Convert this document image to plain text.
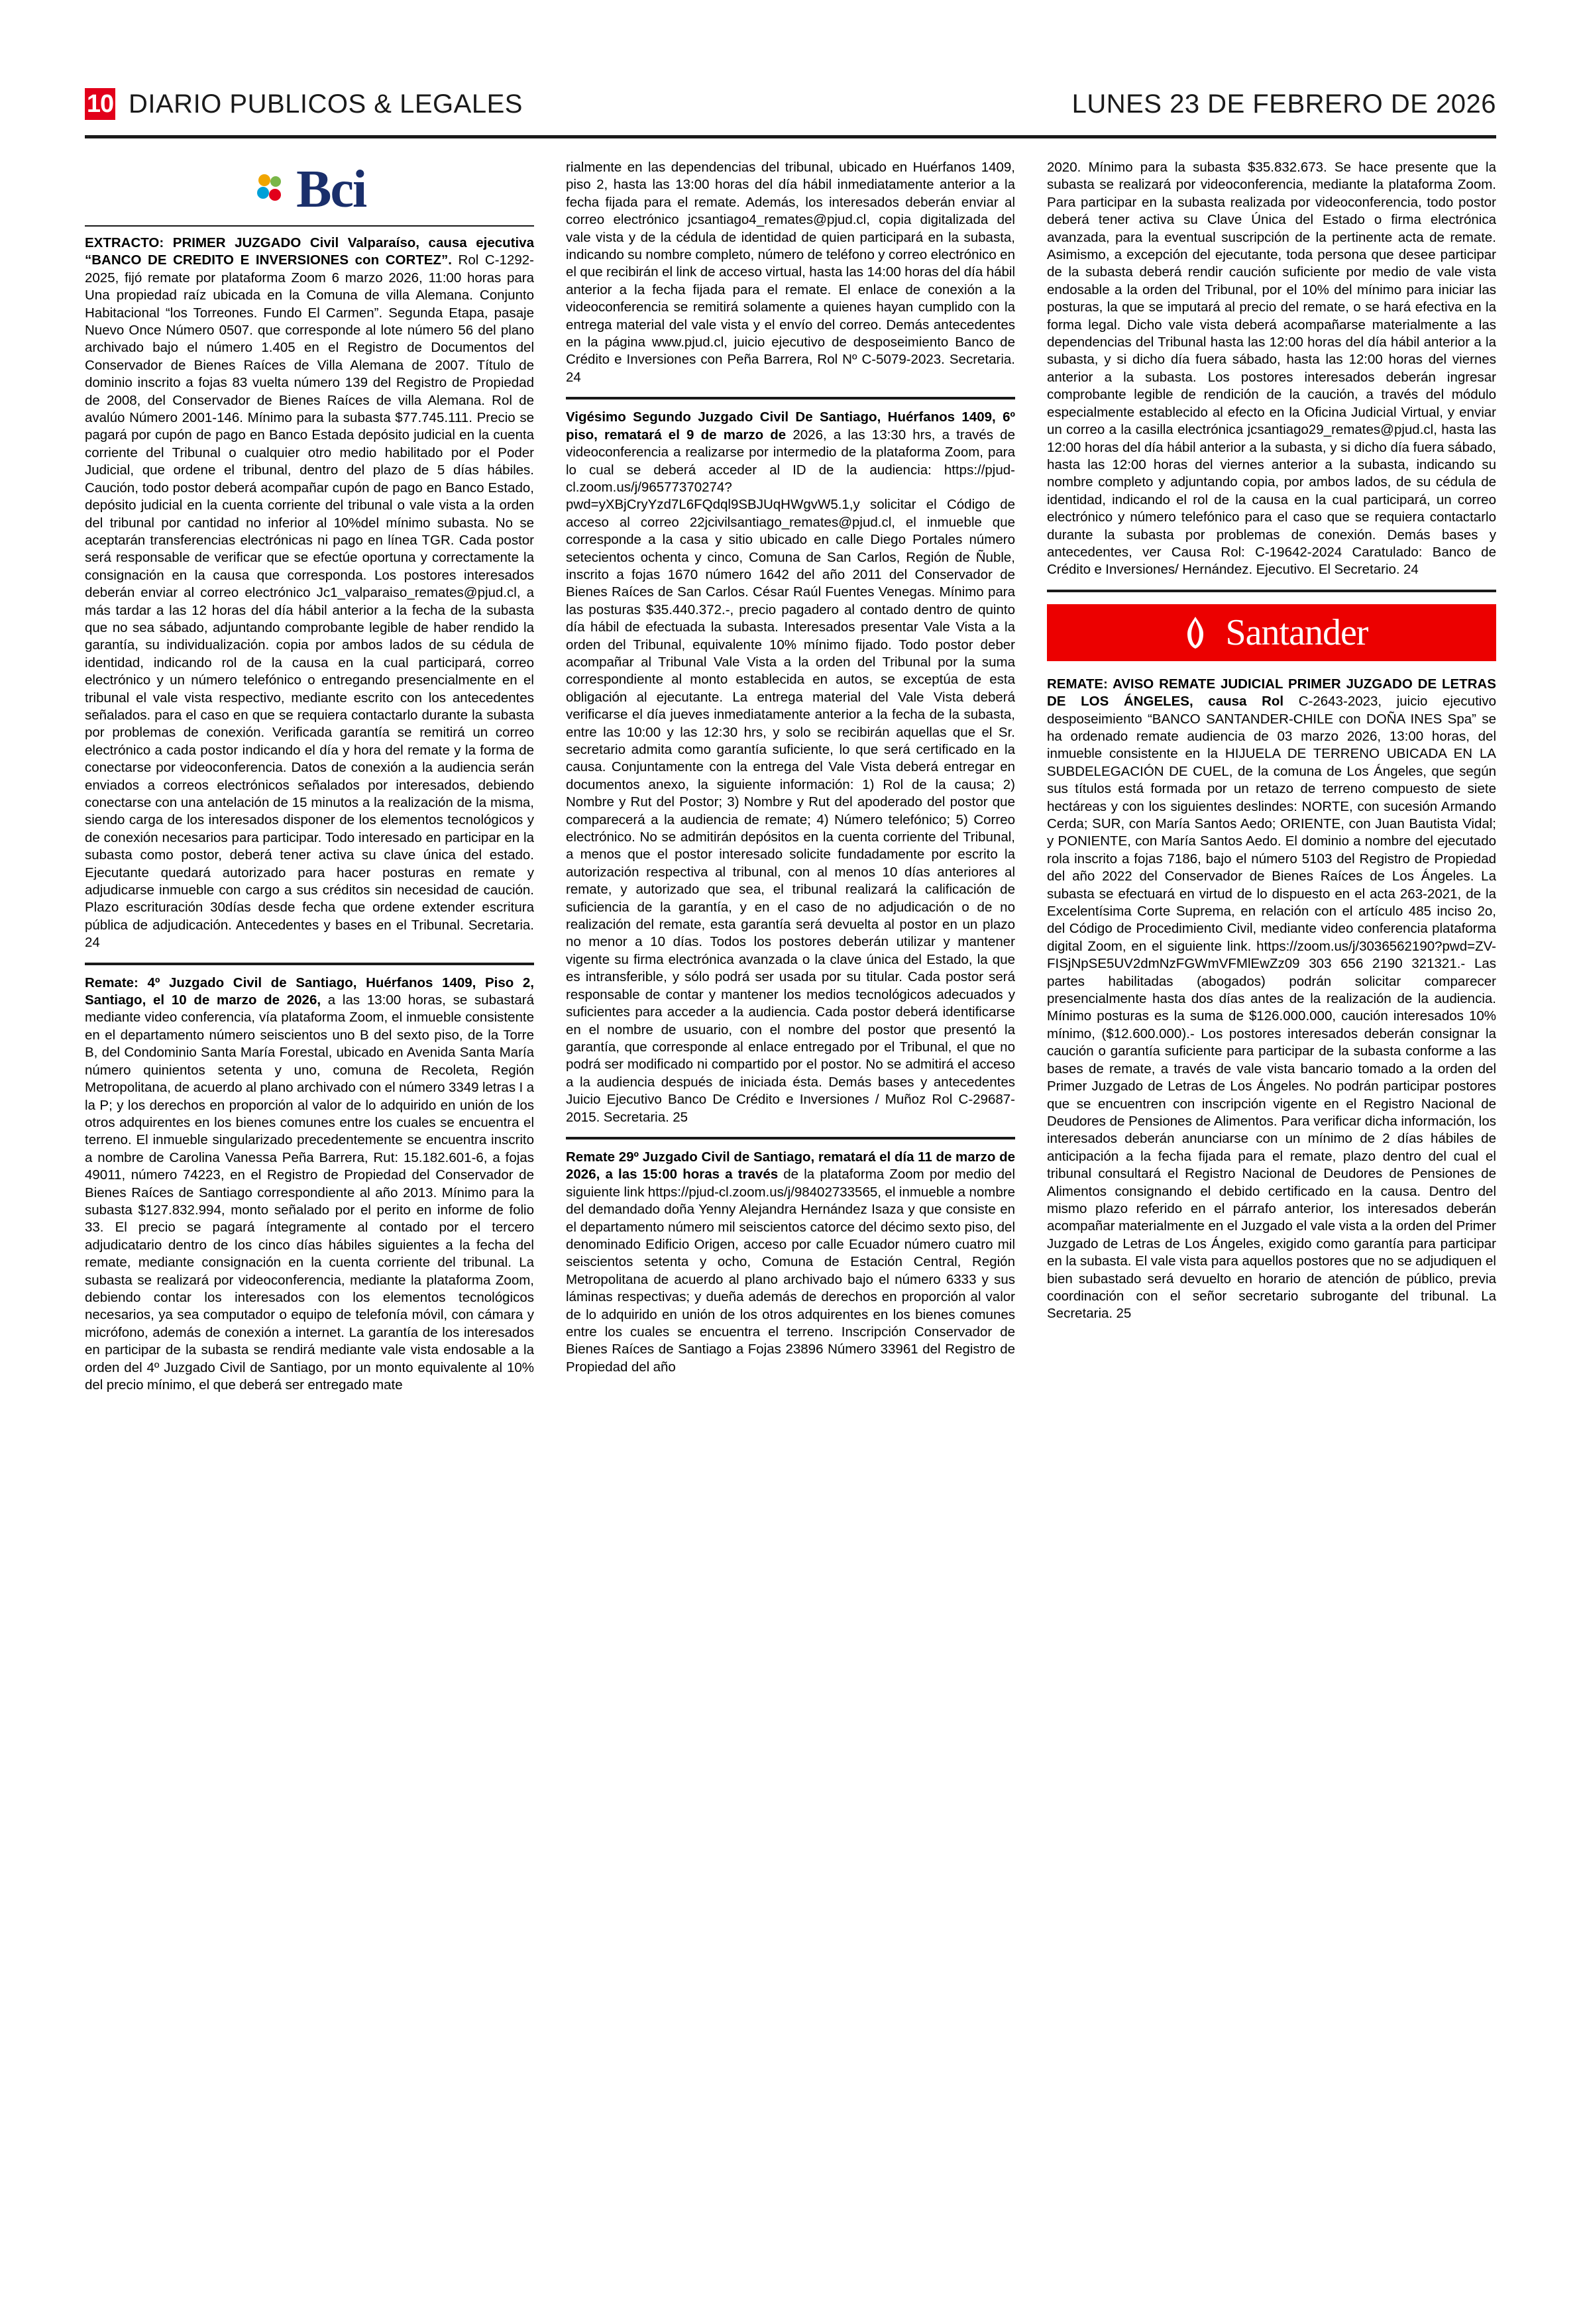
10 DIARIO PUBLICOS & LEGALES	LUNES 23 DE FEBRERO DE 2026
Bci

EXTRACTO: PRIMER JUZGADO Civil Valparaíso, causa ejecutiva “BANCO DE CREDITO E INVERSIONES con CORTEZ”. Rol C-1292-2025, fijó remate por plataforma Zoom 6 marzo 2026, 11:00 horas para Una propiedad raíz ubicada en la Comuna de villa Alemana. Conjunto Habitacional “los Torreones. Fundo El Carmen”. Segunda Etapa, pasaje Nuevo Once Número 0507. que corresponde al lote número 56 del plano archivado bajo el número 1.405 en el Registro de Documentos del Conservador de Bienes Raíces de Villa Alemana de 2007. Título de dominio inscrito a fojas 83 vuelta número 139 del Registro de Propiedad de 2008, del Conservador de Bienes Raíces de villa Alemana. Rol de avalúo Número 2001-146. Mínimo para la subasta $77.745.111. Precio se pagará por cupón de pago en Banco Estada depósito judicial en la cuenta corriente del Tribunal o cualquier otro medio habilitado por el Poder Judicial, que ordene el tribunal, dentro del plazo de 5 días hábiles. Caución, todo postor deberá acompañar cupón de pago en Banco Estado, depósito judicial en la cuenta corriente del tribunal o vale vista a la orden del tribunal por cantidad no inferior al 10%del mínimo subasta. No se aceptarán transferencias electrónicas ni pago en línea TGR. Cada postor será responsable de verificar que se efectúe oportuna y correctamente la consignación en la causa que corresponda. Los postores interesados deberán enviar al correo electrónico Jc1_valparaiso_remates@pjud.cl, a más tardar a las 12 horas del día hábil anterior a la fecha de la subasta que no sea sábado, adjuntando comprobante legible de haber rendido la garantía, su individualización. copia por ambos lados de su cédula de identidad, indicando rol de la causa en la cual participará, correo electrónico y un número telefónico o entregando presencialmente en el tribunal el vale vista respectivo, mediante escrito con los antecedentes señalados. para el caso en que se requiera contactarlo durante la subasta por problemas de conexión. Verificada garantía se remitirá un correo electrónico a cada postor indicando el día y hora del remate y la forma de conectarse por videoconferencia. Datos de conexión a la audiencia serán enviados a correos electrónicos señalados por interesados, debiendo conectarse con una antelación de 15 minutos a la realización de la misma, siendo carga de los interesados disponer de los elementos tecnológicos y de conexión necesarios para participar. Todo interesado en participar en la subasta como postor, deberá tener activa su clave única del estado. Ejecutante quedará autorizado para hacer posturas en remate y adjudicarse inmueble con cargo a sus créditos sin necesidad de caución. Plazo escrituración 30días desde fecha que ordene extender escritura pública de adjudicación. Antecedentes y bases en el Tribunal. Secretaria. 24

Remate: 4º Juzgado Civil de Santiago, Huérfanos 1409, Piso 2, Santiago, el 10 de marzo de 2026, a las 13:00 horas, se subastará mediante video conferencia, vía plataforma Zoom, el inmueble consistente en el departamento número seiscientos uno B del sexto piso, de la Torre B, del Condominio Santa María Forestal, ubicado en Avenida Santa María número quinientos setenta y uno, comuna de Recoleta, Región Metropolitana, de acuerdo al plano archivado con el número 3349 letras I a la P; y los derechos en proporción al valor de lo adquirido en unión de los otros adquirentes en los bienes comunes entre los cuales se encuentra el terreno. El inmueble singularizado precedentemente se encuentra inscrito a nombre de Carolina Vanessa Peña Barrera, Rut: 15.182.601-6, a fojas 49011, número 74223, en el Registro de Propiedad del Conservador de Bienes Raíces de Santiago correspondiente al año 2013. Mínimo para la subasta $127.832.994, monto señalado por el perito en informe de folio 33. El precio se pagará íntegramente al contado por el tercero adjudicatario dentro de los cinco días hábiles siguientes a la fecha del remate, mediante consignación en la cuenta corriente del tribunal. La subasta se realizará por videoconferencia, mediante la plataforma Zoom, debiendo contar los interesados con los elementos tecnológicos necesarios, ya sea computador o equipo de telefonía móvil, con cámara y micrófono, además de conexión a internet. La garantía de los interesados en participar de la subasta se rendirá mediante vale vista endosable a la orden del 4º Juzgado Civil de Santiago, por un monto equivalente al 10% del precio mínimo, el que deberá ser entregado mate

rialmente en las dependencias del tribunal, ubicado en Huérfanos 1409, piso 2, hasta las 13:00 horas del día hábil inmediatamente anterior a la fecha fijada para el remate. Además, los interesados deberán enviar al correo electrónico jcsantiago4_remates@pjud.cl, copia digitalizada del vale vista y de la cédula de identidad de quien participará en la subasta, indicando su nombre completo, número de teléfono y correo electrónico en el que recibirán el link de acceso virtual, hasta las 14:00 horas del día hábil anterior a la fecha fijada para el remate. El enlace de conexión a la videoconferencia se remitirá solamente a quienes hayan cumplido con la entrega material del vale vista y el envío del correo. Demás antecedentes en la página www.pjud.cl, juicio ejecutivo de desposeimiento Banco de Crédito e Inversiones con Peña Barrera, Rol Nº C-5079-2023. Secretaria. 24

Vigésimo Segundo Juzgado Civil De Santiago, Huérfanos 1409, 6º piso, rematará el 9 de marzo de 2026, a las 13:30 hrs, a través de videoconferencia a realizarse por intermedio de la plataforma Zoom, para lo cual se deberá acceder al ID de la audiencia: https://pjud-cl.zoom.us/j/96577370274?pwd=yXBjCryYzd7L6FQdql9SBJUqHWgvW5.1,y solicitar el Código de acceso al correo 22jcivilsantiago_remates@pjud.cl, el inmueble que corresponde a la casa y sitio ubicado en calle Diego Portales número setecientos ochenta y cinco, Comuna de San Carlos, Región de Ñuble, inscrito a fojas 1670 número 1642 del año 2011 del Conservador de Bienes Raíces de San Carlos. César Raúl Fuentes Venegas. Mínimo para las posturas $35.440.372.-, precio pagadero al contado dentro de quinto día hábil de efectuada la subasta. Interesados presentar Vale Vista a la orden del Tribunal, equivalente 10% mínimo fijado. Todo postor deber acompañar al Tribunal Vale Vista a la orden del Tribunal por la suma correspondiente al monto establecida en autos, se exceptúa de esta obligación al ejecutante. La entrega material del Vale Vista deberá verificarse el día jueves inmediatamente anterior a la fecha de la subasta, entre las 10:00 y las 12:30 hrs, y solo se recibirán aquellas que el Sr. secretario admita como garantía suficiente, lo que será certificado en la causa. Conjuntamente con la entrega del Vale Vista deberá entregar en documentos anexo, la siguiente información: 1) Rol de la causa; 2) Nombre y Rut del Postor; 3) Nombre y Rut del apoderado del postor que comparecerá a la audiencia de remate; 4) Número telefónico; 5) Correo electrónico. No se admitirán depósitos en la cuenta corriente del Tribunal, a menos que el postor interesado solicite fundadamente por escrito la autorización respectiva al tribunal, con al menos 10 días anteriores al remate, y autorizado que sea, el tribunal realizará la calificación de suficiencia de la garantía, y en el caso de no adjudicación o de no realización del remate, esta garantía será devuelta al postor en un plazo no menor a 10 días. Todos los postores deberán utilizar y mantener vigente su firma electrónica avanzada o la clave única del Estado, la que es intransferible, y sólo podrá ser usada por su titular. Cada postor será responsable de contar y mantener los medios tecnológicos adecuados y suficientes para acceder a la audiencia. Cada postor deberá identificarse en el nombre de usuario, con el nombre del postor que presentó la garantía, que corresponde al enlace entregado por el Tribunal, el que no podrá ser modificado ni compartido por el postor. No se admitirá el acceso a la audiencia después de iniciada ésta. Demás bases y antecedentes Juicio Ejecutivo Banco De Crédito e Inversiones / Muñoz Rol C-29687-2015. Secretaria. 25

Remate 29º Juzgado Civil de Santiago, rematará el día 11 de marzo de 2026, a las 15:00 horas a través de la plataforma Zoom por medio del siguiente link https://pjud-cl.zoom.us/j/98402733565, el inmueble a nombre del demandado doña Yenny Alejandra Hernández Isaza y que consiste en el departamento número mil seiscientos catorce del décimo sexto piso, del denominado Edificio Origen, acceso por calle Ecuador número cuatro mil seiscientos setenta y ocho, Comuna de Estación Central, Región Metropolitana de acuerdo al plano archivado bajo el número 6333 y sus láminas respectivas; y dueña además de derechos en proporción al valor de lo adquirido en unión de los otros adquirentes en los bienes comunes entre los cuales se encuentra el terreno. Inscripción Conservador de Bienes Raíces de Santiago a Fojas 23896 Número 33961 del Registro de Propiedad del año

2020. Mínimo para la subasta $35.832.673. Se hace presente que la subasta se realizará por videoconferencia, mediante la plataforma Zoom. Para participar en la subasta realizada por videoconferencia, todo postor deberá tener activa su Clave Única del Estado o firma electrónica avanzada, para la eventual suscripción de la pertinente acta de remate. Asimismo, a excepción del ejecutante, toda persona que desee participar de la subasta deberá rendir caución suficiente por medio de vale vista endosable a la orden del Tribunal, por el 10% del mínimo para iniciar las posturas, la que se imputará al precio del remate, o se hará efectiva en la forma legal. Dicho vale vista deberá acompañarse materialmente a las dependencias del Tribunal hasta las 12:00 horas del día hábil anterior a la subasta, y si dicho día fuera sábado, hasta las 12:00 horas del viernes anterior a la subasta. Los postores interesados deberán ingresar comprobante legible de rendición de la caución, a través del módulo especialmente establecido al efecto en la Oficina Judicial Virtual, y enviar un correo a la casilla electrónica jcsantiago29_remates@pjud.cl, hasta las 12:00 horas del día hábil anterior a la subasta, y si dicho día fuera sábado, hasta las 12:00 horas del viernes anterior a la subasta, indicando su nombre completo y adjuntando copia, por ambos lados, de su cédula de identidad, indicando el rol de la causa en la cual participará, un correo electrónico y número telefónico para el caso que se requiera contactarlo durante la subasta por problemas de conexión. Demás bases y antecedentes, ver Causa Rol: C-19642-2024 Caratulado: Banco de Crédito e Inversiones/ Hernández. Ejecutivo. El Secretario. 24

Santander

REMATE: AVISO REMATE JUDICIAL PRIMER JUZGADO DE LETRAS DE LOS ÁNGELES, causa Rol C-2643-2023, juicio ejecutivo desposeimiento “BANCO SANTANDER-CHILE con DOÑA INES Spa” se ha ordenado remate audiencia de 03 marzo 2026, 13:00 horas, del inmueble consistente en la HIJUELA DE TERRENO UBICADA EN LA SUBDELEGACIÓN DE CUEL, de la comuna de Los Ángeles, que según sus títulos está formada por un retazo de terreno compuesto de siete hectáreas y con los siguientes deslindes: NORTE, con sucesión Armando Cerda; SUR, con María Santos Aedo; ORIENTE, con Juan Bautista Vidal; y PONIENTE, con María Santos Aedo. El dominio a nombre del ejecutado rola inscrito a fojas 7186, bajo el número 5103 del Registro de Propiedad del año 2022 del Conservador de Bienes Raíces de Los Ángeles. La subasta se efectuará en virtud de lo dispuesto en el acta 263-2021, de la Excelentísima Corte Suprema, en relación con el artículo 485 inciso 2o, del Código de Procedimiento Civil, mediante video conferencia plataforma digital Zoom, en el siguiente link. https://zoom.us/j/3036562190?pwd=ZV-FISjNpSE5UV2dmNzFGWmVFMlEwZz09 303 656 2190 321321.- Las partes habilitadas (abogados) podrán solicitar comparecer presencialmente hasta dos días antes de la realización de la audiencia. Mínimo posturas es la suma de $126.000.000, caución interesados 10% mínimo, ($12.600.000).- Los postores interesados deberán consignar la caución o garantía suficiente para participar de la subasta conforme a las bases de remate, a través de vale vista bancario tomado a la orden del Primer Juzgado de Letras de Los Ángeles. No podrán participar postores que se encuentren con inscripción vigente en el Registro Nacional de Deudores de Pensiones de Alimentos. Para verificar dicha información, los interesados deberán anunciarse con un mínimo de 2 días hábiles de anticipación a la fecha fijada para el remate, plazo dentro del cual el tribunal consultará el Registro Nacional de Deudores de Pensiones de Alimentos consignando el debido certificado en la causa. Dentro del mismo plazo referido en el párrafo anterior, los interesados deberán acompañar materialmente en el Juzgado el vale vista a la orden del Primer Juzgado de Letras de Los Ángeles, exigido como garantía para participar en la subasta. El vale vista para aquellos postores que no se adjudiquen el bien subastado será devuelto en horario de atención de público, previa coordinación con el señor secretario subrogante del tribunal. La Secretaria. 25
